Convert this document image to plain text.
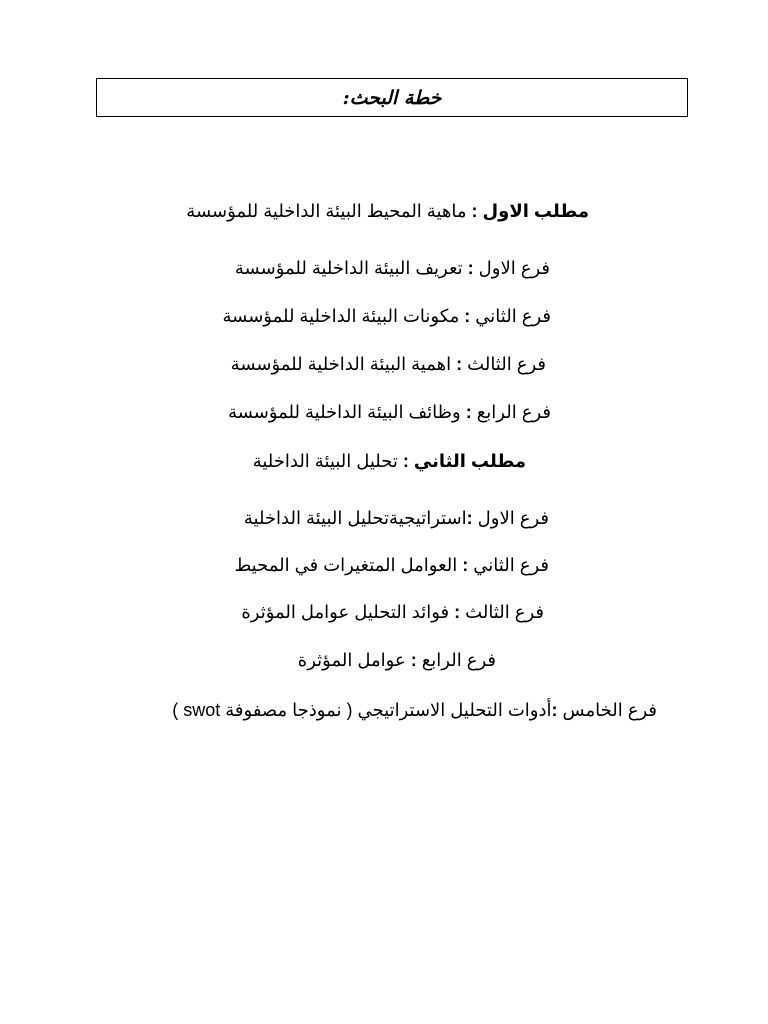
خطة البحث:
مطلب الاول : ماهية المحيط البيئة الداخلية للمؤسسة
فرع الاول : تعريف البيئة الداخلية للمؤسسة
فرع الثاني : مكونات البيئة الداخلية للمؤسسة
فرع الثالث : اهمية البيئة الداخلية للمؤسسة
فرع الرابع : وظائف البيئة الداخلية للمؤسسة
مطلب الثاني : تحليل البيئة الداخلية
فرع الاول :استراتيجيةتحليل البيئة الداخلية
فرع الثاني : العوامل المتغيرات في المحيط
فرع الثالث : فوائد التحليل عوامل المؤثرة
فرع الرابع : عوامل المؤثرة
فرع الخامس :أدوات التحليل الاستراتيجي ( نموذجا مصفوفة swot )
